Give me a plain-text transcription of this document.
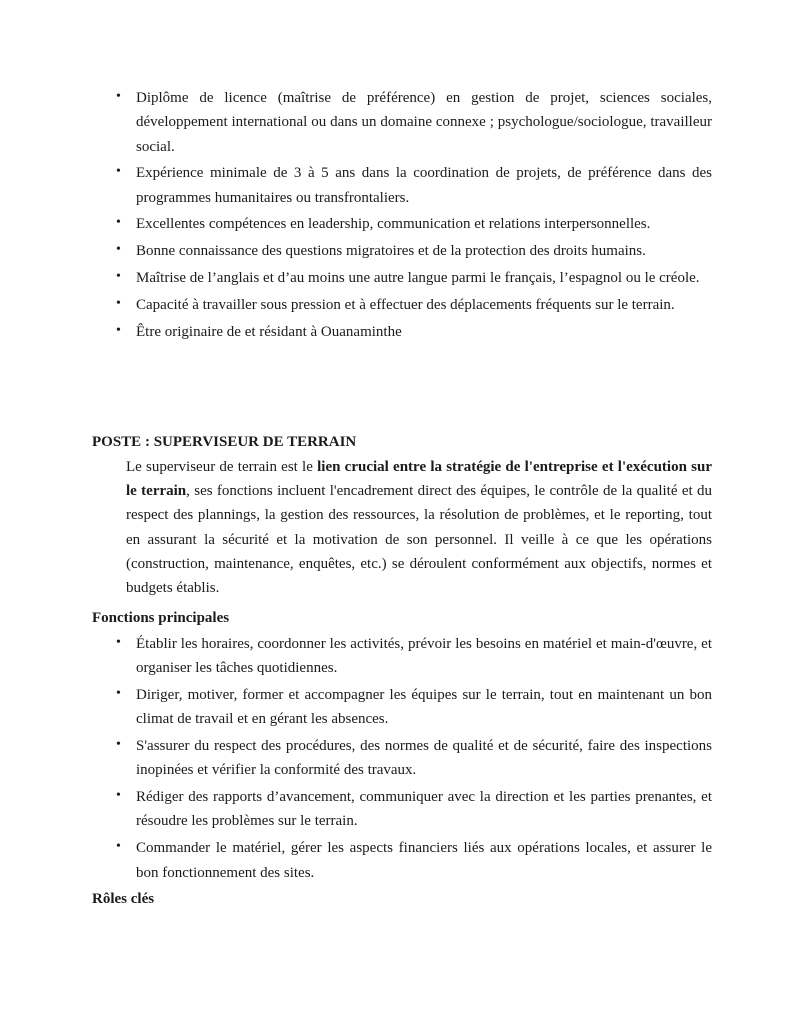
• Diplôme de licence (maîtrise de préférence) en gestion de projet, sciences sociales, développement international ou dans un domaine connexe ; psychologue/sociologue, travailleur social.
• Expérience minimale de 3 à 5 ans dans la coordination de projets, de préférence dans des programmes humanitaires ou transfrontaliers.
• Excellentes compétences en leadership, communication et relations interpersonnelles.
• Bonne connaissance des questions migratoires et de la protection des droits humains.
• Maîtrise de l’anglais et d’au moins une autre langue parmi le français, l’espagnol ou le créole.
• Capacité à travailler sous pression et à effectuer des déplacements fréquents sur le terrain.
• Être originaire de et résidant à Ouanaminthe
POSTE : SUPERVISEUR DE TERRAIN

Le superviseur de terrain est le lien crucial entre la stratégie de l'entreprise et l'exécution sur le terrain, ses fonctions incluent l'encadrement direct des équipes, le contrôle de la qualité et du respect des plannings, la gestion des ressources, la résolution de problèmes, et le reporting, tout en assurant la sécurité et la motivation de son personnel. Il veille à ce que les opérations (construction, maintenance, enquêtes, etc.) se déroulent conformément aux objectifs, normes et budgets établis.

Fonctions principales
• Établir les horaires, coordonner les activités, prévoir les besoins en matériel et main-d'œuvre, et organiser les tâches quotidiennes.
• Diriger, motiver, former et accompagner les équipes sur le terrain, tout en maintenant un bon climat de travail et en gérant les absences.
• S'assurer du respect des procédures, des normes de qualité et de sécurité, faire des inspections inopinées et vérifier la conformité des travaux.
• Rédiger des rapports d’avancement, communiquer avec la direction et les parties prenantes, et résoudre les problèmes sur le terrain.
• Commander le matériel, gérer les aspects financiers liés aux opérations locales, et assurer le bon fonctionnement des sites.
Rôles clés
